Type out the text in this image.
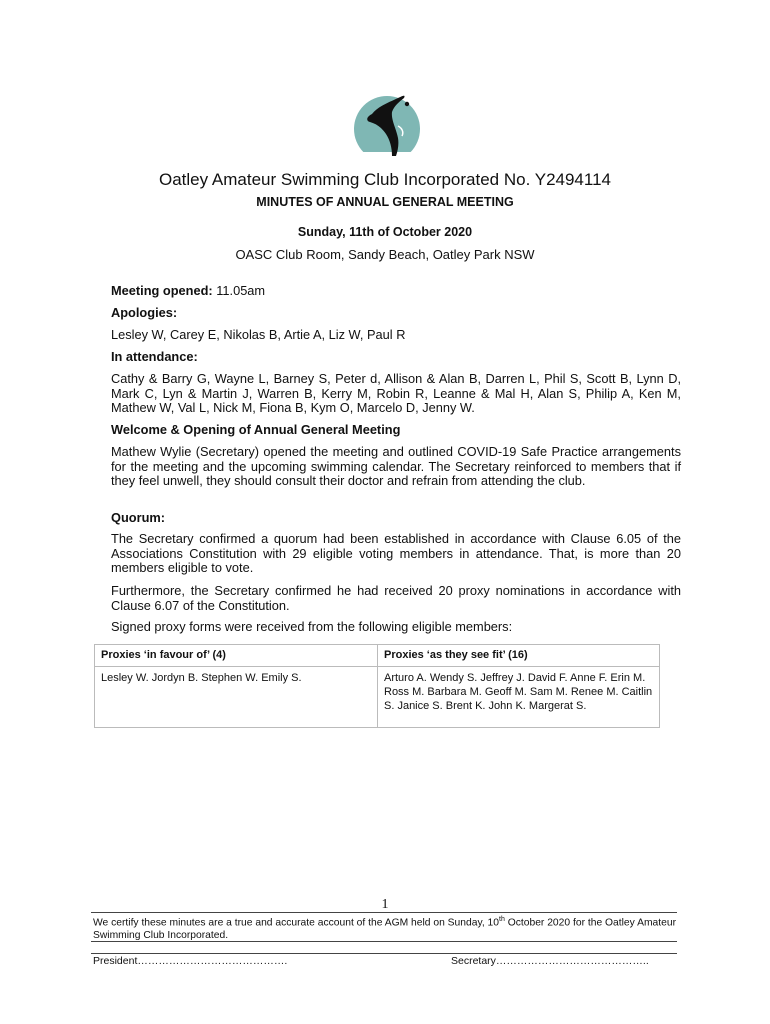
Oatley Amateur Swimming Club Incorporated No. Y2494114
MINUTES OF ANNUAL GENERAL MEETING
Sunday, 11th of October 2020
OASC Club Room, Sandy Beach, Oatley Park NSW
Meeting opened: 11.05am
Apologies:
Lesley W, Carey E, Nikolas B, Artie A, Liz W, Paul R
In attendance:
Cathy & Barry G, Wayne L, Barney S, Peter d, Allison & Alan B, Darren L, Phil S, Scott B, Lynn D, Mark C, Lyn & Martin J, Warren B, Kerry M, Robin R, Leanne & Mal H, Alan S, Philip A, Ken M, Mathew W, Val L, Nick M, Fiona B, Kym O, Marcelo D, Jenny W.
Welcome & Opening of Annual General Meeting
Mathew Wylie (Secretary) opened the meeting and outlined COVID-19 Safe Practice arrangements for the meeting and the upcoming swimming calendar. The Secretary reinforced to members that if they feel unwell, they should consult their doctor and refrain from attending the club.
Quorum:
The Secretary confirmed a quorum had been established in accordance with Clause 6.05 of the Associations Constitution with 29 eligible voting members in attendance. That, is more than 20 members eligible to vote.
Furthermore, the Secretary confirmed he had received 20 proxy nominations in accordance with Clause 6.07 of the Constitution.
Signed proxy forms were received from the following eligible members:
Proxies ‘in favour of’ (4)	Proxies ‘as they see fit’ (16)
Lesley W. Jordyn B. Stephen W. Emily S.	Arturo A. Wendy S. Jeffrey J. David F. Anne F. Erin M. Ross M. Barbara M. Geoff M. Sam M. Renee M. Caitlin S. Janice S. Brent K. John K. Margerat S.
1
We certify these minutes are a true and accurate account of the AGM held on Sunday, 10th October 2020 for the Oatley Amateur Swimming Club Incorporated.
President…………………………………….	Secretary……………………………………..
